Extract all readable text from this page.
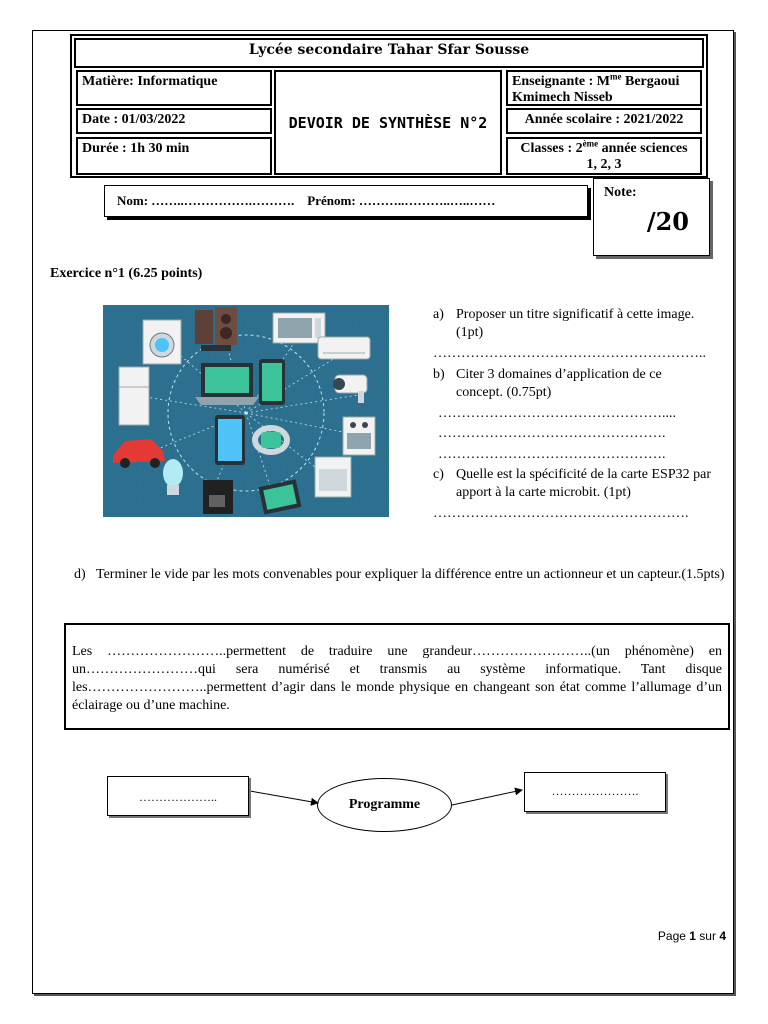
Lycée secondaire Tahar Sfar Sousse
Matière: Informatique
Date : 01/03/2022
Durée : 1h 30 min
DEVOIR DE SYNTHÈSE N°2
Enseignante : $M^{me}$ Bergaoui
Kmimech Nisseb
Année scolaire : 2021/2022
Classes : 2ème année sciences
1, 2, 3
Nom: ……..…………….………. Prénom: ………..………..…..……
Note:
/20
Exercice n°1 (6.25 points)
a) Proposer un titre significatif à cette image. (1pt)
…………………………………………………..
b) Citer 3 domaines d’application de ce concept. (0.75pt)
…………………………………………....
………………………………………….
………………………………………….
c) Quelle est la spécificité de la carte ESP32 par apport à la carte microbit. (1pt)
……………………………………………….
d) Terminer le vide par les mots convenables pour expliquer la différence entre un actionneur et un capteur.(1.5pts)
Les ……………………..permettent de traduire une grandeur……………………..(un phénomène) en un……………………qui sera numérisé et transmis au système informatique. Tant disque les……………………..permettent d’agir dans le monde physique en changeant son état comme l’allumage d’un éclairage ou d’une machine.
………………..	Programme
………………….
Page 1 sur 4
